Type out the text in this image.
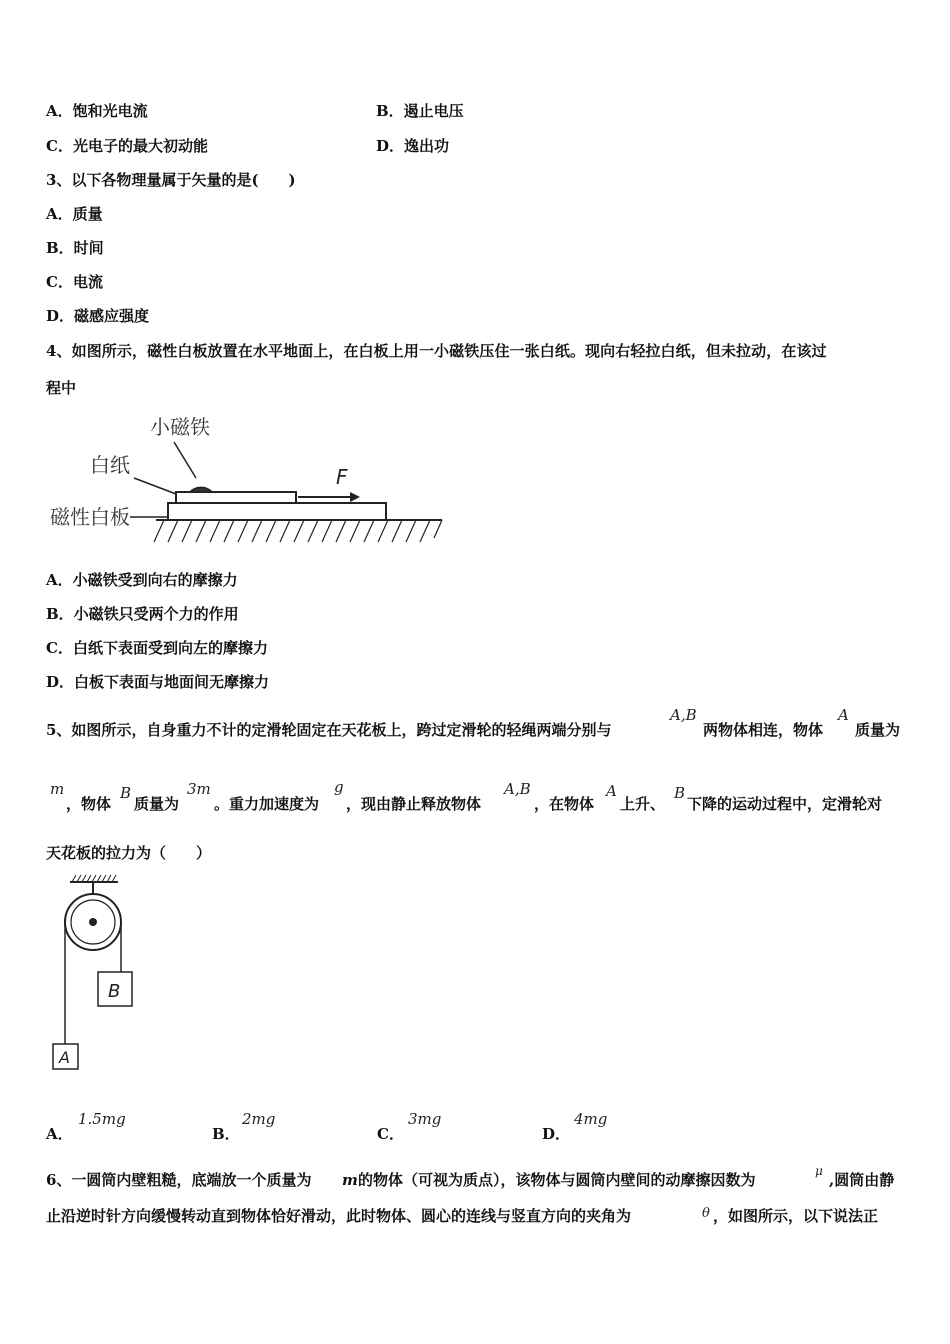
A．饱和光电流	B．遏止电压
C．光电子的最大初动能	D．逸出功
3、以下各物理量属于矢量的是(　　)
A．质量
B．时间
C．电流
D．磁感应强度
4、如图所示，磁性白板放置在水平地面上，在白板上用一小磁铁压住一张白纸。现向右轻拉白纸，但未拉动，在该过
程中
F
小磁铁
白纸
磁性白板
A．小磁铁受到向右的摩擦力
B．小磁铁只受两个力的作用
C．白纸下表面受到向左的摩擦力
D．白板下表面与地面间无摩擦力
5、如图所示，自身重力不计的定滑轮固定在天花板上，跨过定滑轮的轻绳两端分别与
A,B
两物体相连，物体
A
质量为
m
，物体
B
质量为
3m
。重力加速度为
g
，现由静止释放物体
A,B
，在物体
A
上升、
B
下降的运动过程中，定滑轮对
天花板的拉力为（　　）
B
A
A．
1.5mg
B．
2mg
C．
3mg
D．
4mg
6、一圆筒内壁粗糙，底端放一个质量为 m 的物体（可视为质点），该物体与圆筒内壁间的动摩擦因数为	μ ,圆筒由静
止沿逆时针方向缓慢转动直到物体恰好滑动，此时物体、圆心的连线与竖直方向的夹角为	θ ，如图所示，以下说法正
